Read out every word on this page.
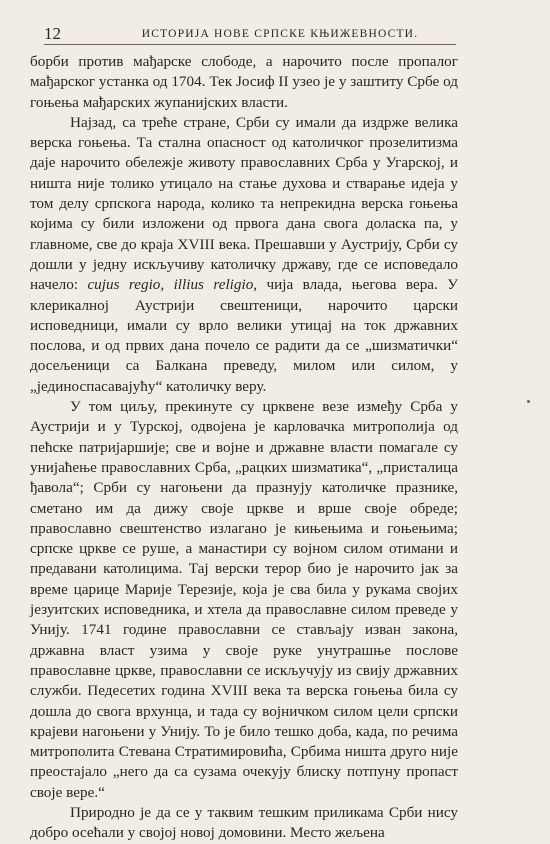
12	ИСТОРИЈА НОВЕ СРПСКЕ КЊИЖЕВНОСТИ.

борби против мађарске слободе, а нарочито после пропалог мађарског устанка од 1704. Тек Јосиф II узео је у заштиту Србе од гоњења мађарских жупанијских власти.

Најзад, са треће стране, Срби су имали да издрже велика верска гоњења. Та стална опасност од католичког прозелитизма даје нарочито обележје животу православних Срба у Угарској, и ништа није толико утицало на стање духова и стварање идеја у том делу српскога народа, колико та непрекидна верска гоњења којима су били изложени од првога дана свога доласка па, у главноме, све до краја XVIII века. Прешавши у Аустрију, Срби су дошли у једну искључиву католичку државу, где се исповедало начело: cujus regio, illius religio, чија влада, његова вера. У клерикалној Аустрији свештеници, нарочито царски исповедници, имали су врло велики утицај на ток државних послова, и од првих дана почело се радити да се „шизматички“ досељеници са Балкана преведу, милом или силом, у „јединоспасавајућу“ католичку веру.

У том циљу, прекинуте су црквене везе између Срба у Аустрији и у Турској, одвојена је карловачка митрополија од пећске патријаршије; све и војне и државне власти помагале су унијаћење православних Срба, „рацких шизматика“, „присталица ђавола“; Срби су нагоњени да празнују католичке празнике, сметано им да дижу своје цркве и врше своје обреде; православно свештенство излагано је кињењима и гоњењима; српске цркве се руше, а манастири су војном силом отимани и предавани католицима. Тај верски терор био је нарочито јак за време царице Марије Терезије, која је сва била у рукама својих језуитских исповедника, и хтела да православне силом преведе у Унију. 1741 године православни се стављају изван закона, државна власт узима у своје руке унутрашње послове православне цркве, православни се искључују из свију државних служби. Педесетих година XVIII века та верска гоњења била су дошла до свога врхунца, и тада су војничком силом цели српски крајеви нагоњени у Унију. То је било тешко доба, када, по речима митрополита Стевана Стратимировића, Србима ништа друго није преостајало „него да са сузама очекују блиску потпуну пропаст своје вере.“

Природно је да се у таквим тешким приликама Срби нису добро осећали у својој новој домовини. Место жељена
